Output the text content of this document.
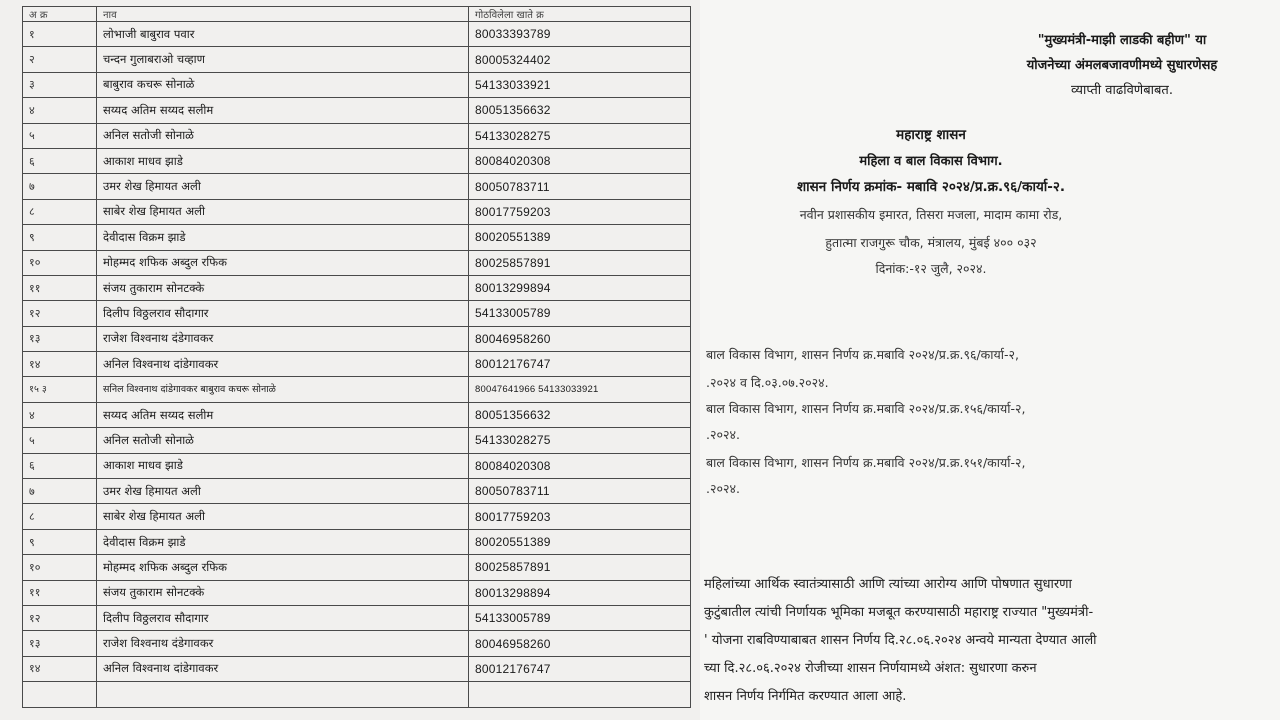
अ क्र	नाव	गोठविलेला खाते क्र
१	लोभाजी बाबुराव पवार	80033393789
२	चन्दन गुलाबराओ चव्हाण	80005324402
३	बाबुराव कचरू सोनाळे	54133033921
४	सय्यद अतिम सय्यद सलीम	80051356632
५	अनिल सतोजी सोनाळे	54133028275
६	आकाश माधव झाडे	80084020308
७	उमर शेख हिमायत अली	80050783711
८	साबेर शेख हिमायत अली	80017759203
९	देवीदास विक्रम झाडे	80020551389
१०	मोहम्मद शफिक अब्दुल रफिक	80025857891
११	संजय तुकाराम सोनटक्के	80013299894
१२	दिलीप विठ्ठलराव सौदागार	54133005789
१३	राजेश विश्वनाथ दंडेगावकर	80046958260
१४	अनिल विश्वनाथ दांडेगावकर	80012176747
१५ ३	सनिल विश्वनाथ दांडेगावकर बाबुराव कचरू सोनाळे	80047641966 54133033921
४	सय्यद अतिम सय्यद सलीम	80051356632
५	अनिल सतोजी सोनाळे	54133028275
६	आकाश माधव झाडे	80084020308
७	उमर शेख हिमायत अली	80050783711
८	साबेर शेख हिमायत अली	80017759203
९	देवीदास विक्रम झाडे	80020551389
१०	मोहम्मद शफिक अब्दुल रफिक	80025857891
११	संजय तुकाराम सोनटक्के	80013298894
१२	दिलीप विठ्ठलराव सौदागार	54133005789
१३	राजेश विश्वनाथ दंडेगावकर	80046958260
१४	अनिल विश्वनाथ दांडेगावकर	80012176747

"मुख्यमंत्री-माझी लाडकी बहीण" या
योजनेच्या अंमलबजावणीमध्ये सुधारणेसह
व्याप्ती वाढविणेबाबत.
महाराष्ट्र शासन
महिला व बाल विकास विभाग.
शासन निर्णय क्रमांक- मबावि २०२४/प्र.क्र.९६/कार्या-२.
नवीन प्रशासकीय इमारत, तिसरा मजला, मादाम कामा रोड,
हुतात्मा राजगुरू चौक, मंत्रालय, मुंबई ४०० ०३२
दिनांक:-१२ जुलै, २०२४.
बाल विकास विभाग, शासन निर्णय क्र.मबावि २०२४/प्र.क्र.९६/कार्या-२,
.२०२४ व दि.०३.०७.२०२४.
बाल विकास विभाग, शासन निर्णय क्र.मबावि २०२४/प्र.क्र.१५६/कार्या-२,
.२०२४.
बाल विकास विभाग, शासन निर्णय क्र.मबावि २०२४/प्र.क्र.१५१/कार्या-२,
.२०२४.
महिलांच्या आर्थिक स्वातंत्र्यासाठी आणि त्यांच्या आरोग्य आणि पोषणात सुधारणा
कुटुंबातील त्यांची निर्णायक भूमिका मजबूत करण्यासाठी महाराष्ट्र राज्यात "मुख्यमंत्री-
' योजना राबविण्याबाबत शासन निर्णय दि.२८.०६.२०२४ अन्वये मान्यता देण्यात आली
च्या दि.२८.०६.२०२४ रोजीच्या शासन निर्णयामध्ये अंशत: सुधारणा करुन
शासन निर्णय निर्गमित करण्यात आला आहे.
